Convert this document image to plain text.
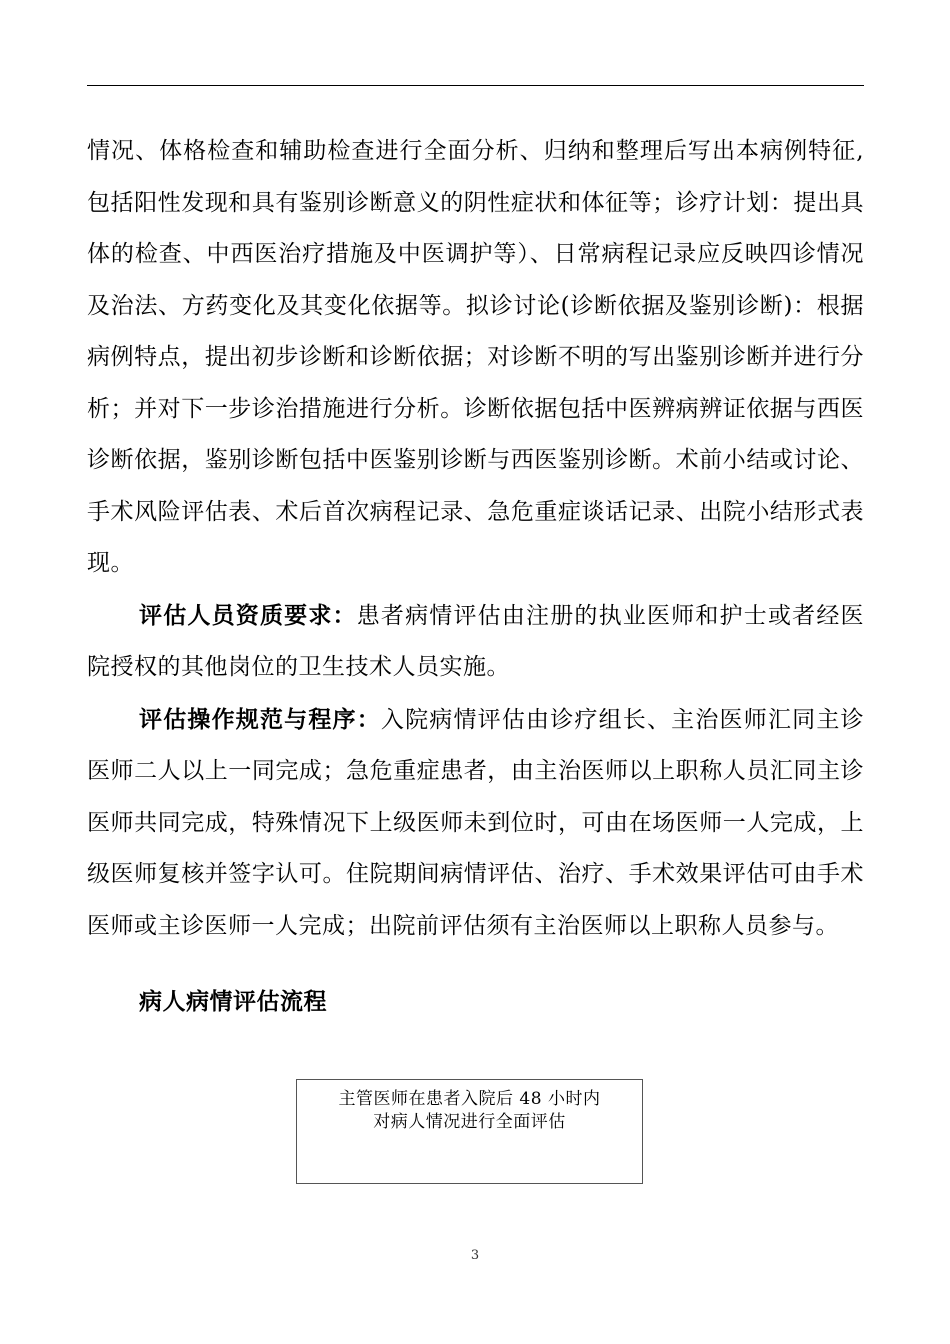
情况、体格检查和辅助检查进行全面分析、归纳和整理后写出本病例特征,包括阳性发现和具有鉴别诊断意义的阴性症状和体征等；诊疗计划：提出具体的检查、中西医治疗措施及中医调护等）、日常病程记录应反映四诊情况及治法、方药变化及其变化依据等。拟诊讨论(诊断依据及鉴别诊断)：根据病例特点，提出初步诊断和诊断依据；对诊断不明的写出鉴别诊断并进行分析；并对下一步诊治措施进行分析。诊断依据包括中医辨病辨证依据与西医诊断依据，鉴别诊断包括中医鉴别诊断与西医鉴别诊断。术前小结或讨论、手术风险评估表、术后首次病程记录、急危重症谈话记录、出院小结形式表现。

评估人员资质要求：患者病情评估由注册的执业医师和护士或者经医院授权的其他岗位的卫生技术人员实施。

评估操作规范与程序：入院病情评估由诊疗组长、主治医师汇同主诊医师二人以上一同完成；急危重症患者，由主治医师以上职称人员汇同主诊医师共同完成，特殊情况下上级医师未到位时，可由在场医师一人完成，上级医师复核并签字认可。住院期间病情评估、治疗、手术效果评估可由手术医师或主诊医师一人完成；出院前评估须有主治医师以上职称人员参与。

病人病情评估流程
主管医师在患者入院后 48 小时内
对病人情况进行全面评估
3
